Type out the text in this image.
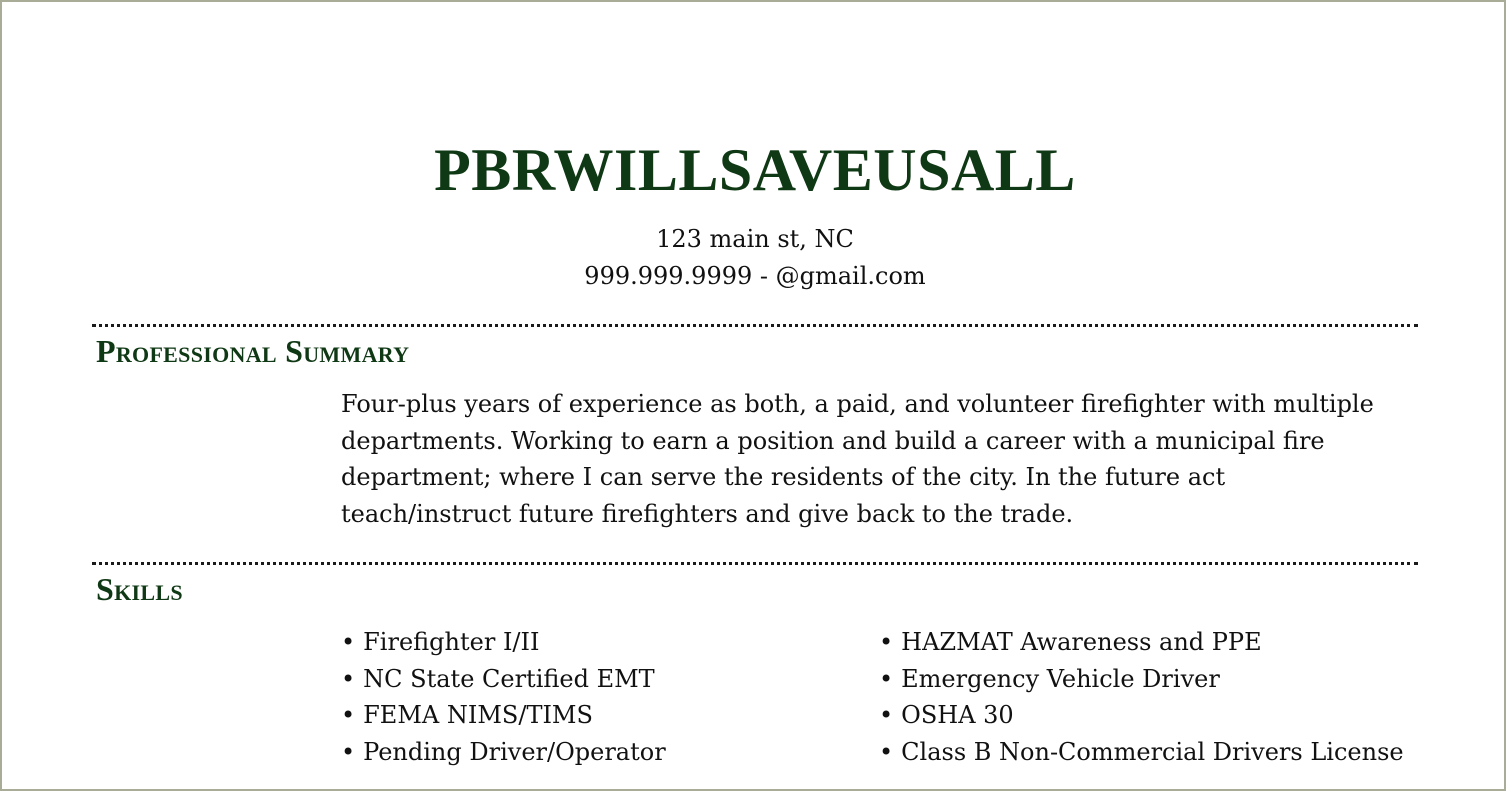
PBRWILLSAVEUSALL
123 main st, NC
999.999.9999 - @gmail.com
Professional Summary
Four-plus years of experience as both, a paid, and volunteer firefighter with multiple departments. Working to earn a position and build a career with a municipal fire department; where I can serve the residents of the city. In the future act teach/instruct future firefighters and give back to the trade.
Skills
• Firefighter I/II
• NC State Certified EMT
• FEMA NIMS/TIMS
• Pending Driver/Operator
• HAZMAT Awareness and PPE
• Emergency Vehicle Driver
• OSHA 30
• Class B Non-Commercial Drivers License
